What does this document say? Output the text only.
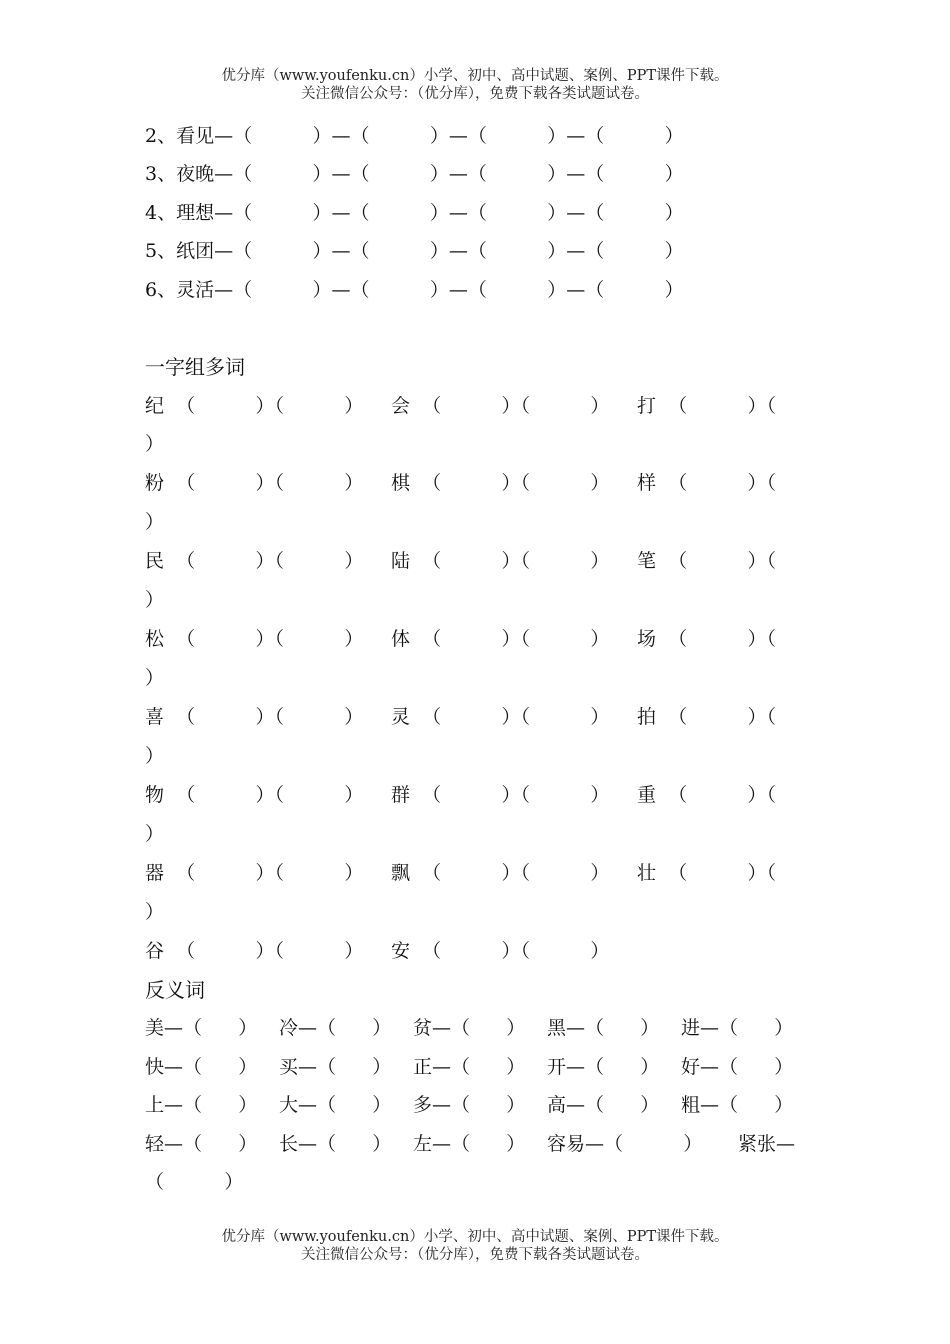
优分库（www.youfenku.cn）小学、初中、高中试题、案例、PPT课件下载。
关注微信公众号：（优分库），免费下载各类试题试卷。
2、看见—（          ）—（          ）—（          ）—（          ）
3、夜晚—（          ）—（          ）—（          ）—（          ）
4、理想—（          ）—（          ）—（          ）—（          ）
5、纸团—（          ）—（          ）—（          ）—（          ）
6、灵活—（          ）—（          ）—（          ）—（          ）
一字组多词
纪  （          ）（          ） 会  （          ）（          ） 打  （          ）（
）
粉  （          ）（          ） 棋  （          ）（          ） 样  （          ）（
）
民  （          ）（          ） 陆  （          ）（          ） 笔  （          ）（
）
松  （          ）（          ） 体  （          ）（          ） 场  （          ）（
）
喜  （          ）（          ） 灵  （          ）（          ） 拍  （          ）（
）
物  （          ）（          ） 群  （          ）（          ） 重  （          ）（
）
器  （          ）（          ） 飘  （          ）（          ） 壮  （          ）（
）
谷  （          ）（          ） 安  （          ）（          ）
反义词
美—（      ） 冷—（      ） 贫—（      ） 黑—（      ） 进—（      ）
快—（      ） 买—（      ） 正—（      ） 开—（      ） 好—（      ）
上—（      ） 大—（      ） 多—（      ） 高—（      ） 粗—（      ）
轻—（      ） 长—（      ） 左—（      ） 容易—（          ） 紧张—
（          ）
优分库（www.youfenku.cn）小学、初中、高中试题、案例、PPT课件下载。
关注微信公众号：（优分库），免费下载各类试题试卷。
